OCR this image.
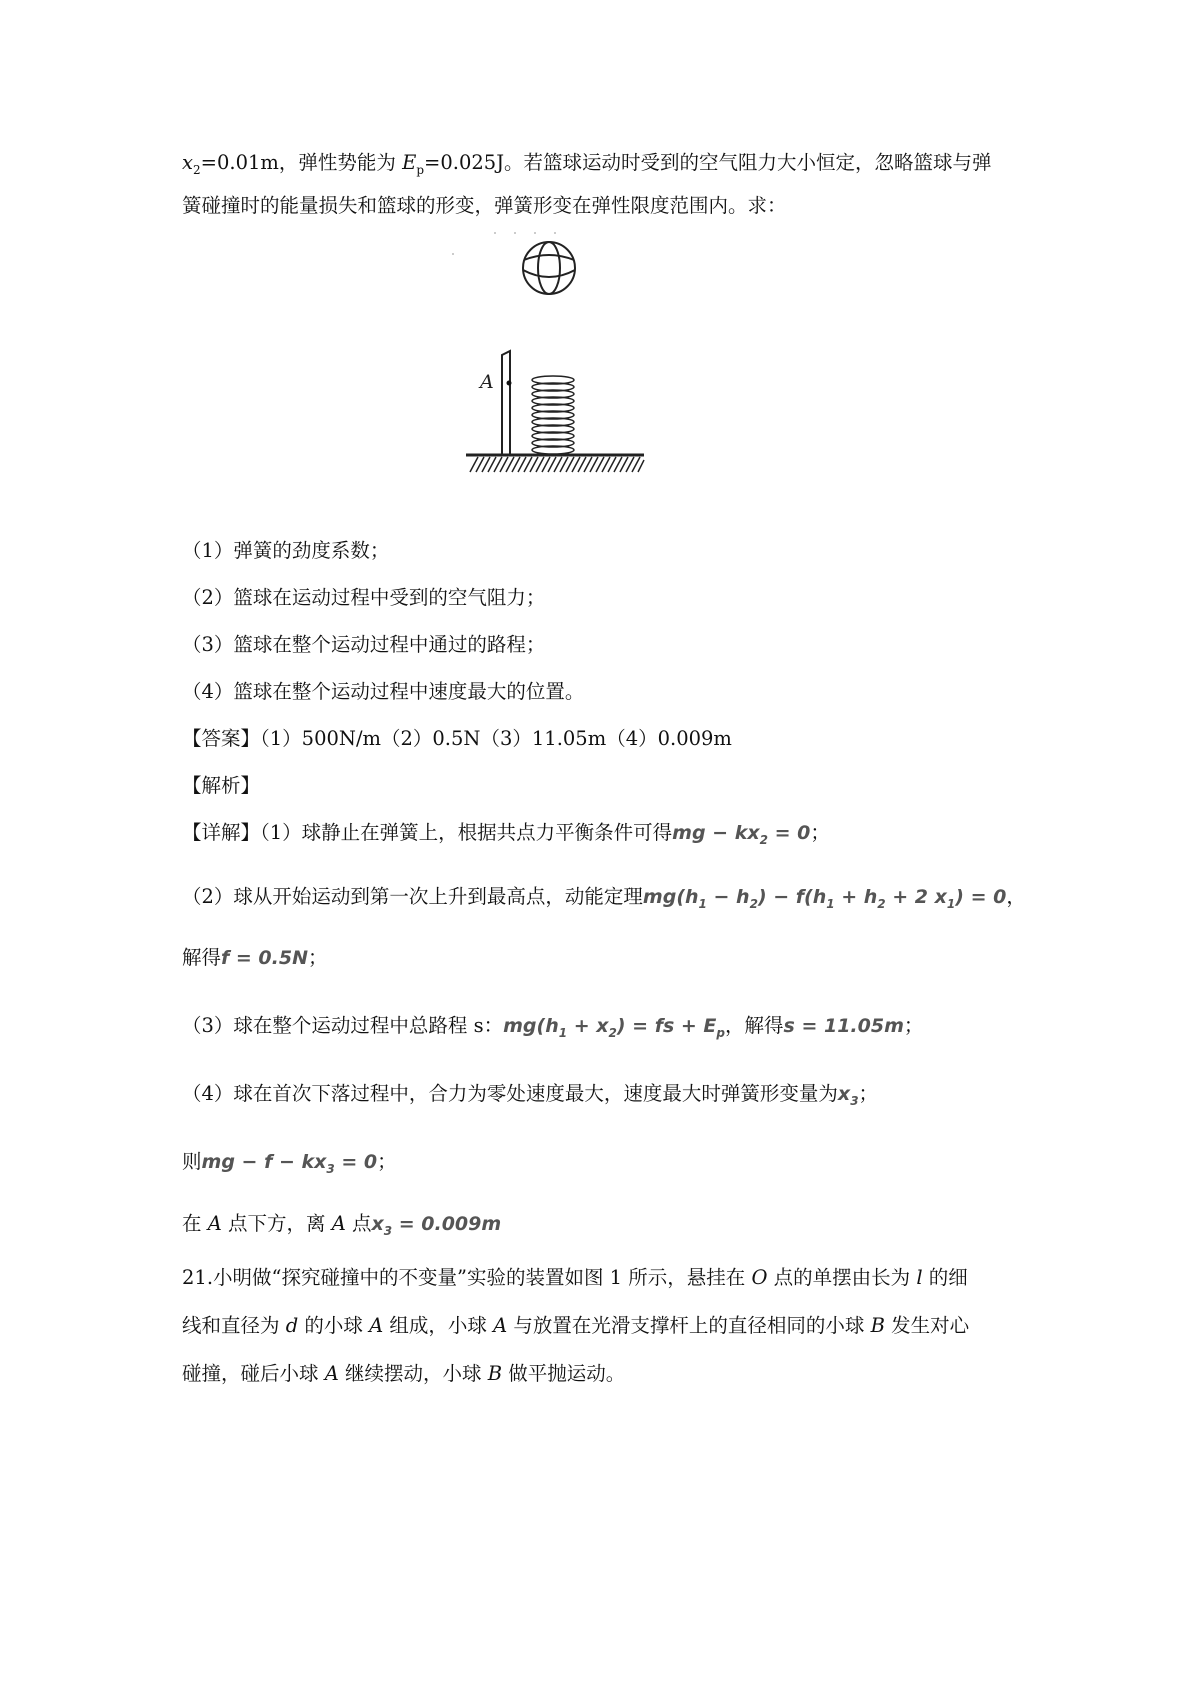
$x_2=0.01m$，弹性势能为 $E_p=0.025J$。若篮球运动时受到的空气阻力大小恒定，忽略篮球与弹
簧碰撞时的能量损失和篮球的形变，弹簧形变在弹性限度范围内。求：
A
（1）弹簧的劲度系数；
（2）篮球在运动过程中受到的空气阻力；
（3）篮球在整个运动过程中通过的路程；
（4）篮球在整个运动过程中速度最大的位置。
【答案】（1）500N/m（2）0.5N（3）11.05m（4）0.009m
【解析】
【详解】（1）球静止在弹簧上，根据共点力平衡条件可得mg − $kx_2 = 0$；
（2）球从开始运动到第一次上升到最高点，动能定理$mg(h_1 - h_2) - f(h_1 + h_2 + 2$ $x_1) = 0$，
解得f = 0.5N；
（3）球在整个运动过程中总路程 s：$mg(h_1 + x_2)$ = fs + $E_p$，解得s = 11.05m；
（4）球在首次下落过程中，合力为零处速度最大，速度最大时弹簧形变量为$x_3$；
则mg − $f - kx_3 = 0$；
在 A 点下方，离 A 点$x_3 = 0.009m$
21.小明做“探究碰撞中的不变量”实验的装置如图 1 所示，悬挂在 O 点的单摆由长为 l 的细
线和直径为 d 的小球 A 组成，小球 A 与放置在光滑支撑杆上的直径相同的小球 B 发生对心
碰撞，碰后小球 A 继续摆动，小球 B 做平抛运动。
